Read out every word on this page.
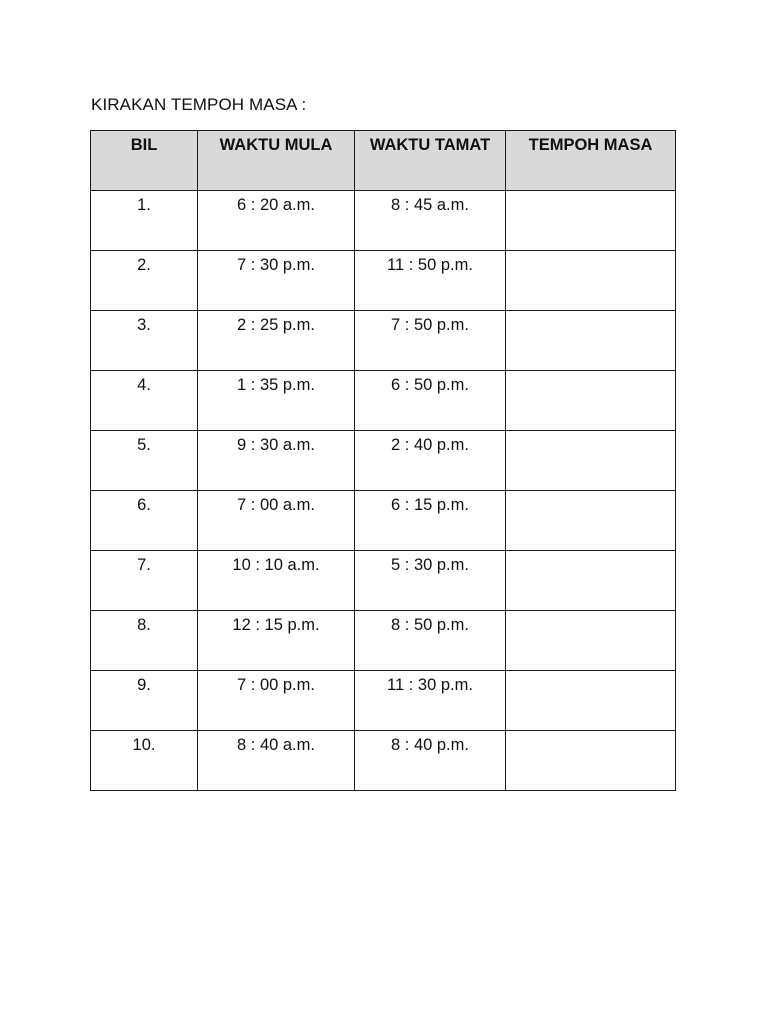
KIRAKAN TEMPOH MASA :
BIL	WAKTU MULA	WAKTU TAMAT	TEMPOH MASA

1.	6 : 20 a.m.	8 : 45 a.m.	

2.	7 : 30 p.m.	11 : 50 p.m.	

3.	2 : 25 p.m.	7 : 50 p.m.	

4.	1 : 35 p.m.	6 : 50 p.m.	

5.	9 : 30 a.m.	2 : 40 p.m.	

6.	7 : 00 a.m.	6 : 15 p.m.	

7.	10 : 10 a.m.	5 : 30 p.m.	

8.	12 : 15 p.m.	8 : 50 p.m.	

9.	7 : 00 p.m.	11 : 30 p.m.	

10.	8 : 40 a.m.	8 : 40 p.m.	
